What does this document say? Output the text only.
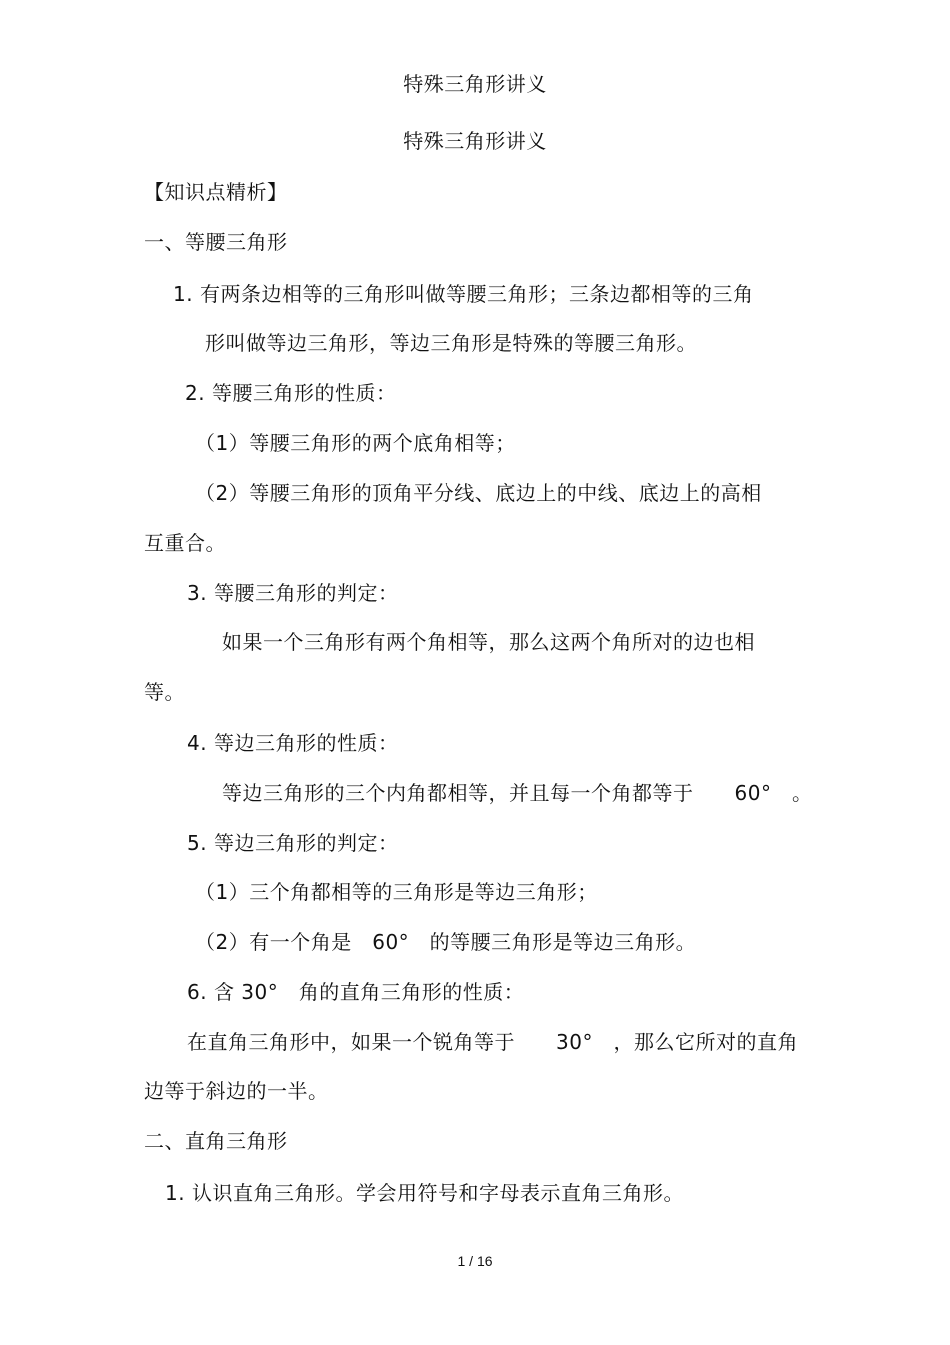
特殊三角形讲义
特殊三角形讲义
【知识点精析】
一、等腰三角形
1. 有两条边相等的三角形叫做等腰三角形；三条边都相等的三角
形叫做等边三角形，等边三角形是特殊的等腰三角形。
2. 等腰三角形的性质：
（1）等腰三角形的两个底角相等；
（2）等腰三角形的顶角平分线、底边上的中线、底边上的高相
互重合。
3. 等腰三角形的判定：
如果一个三角形有两个角相等，那么这两个角所对的边也相
等。
4. 等边三角形的性质：
等边三角形的三个内角都相等，并且每一个角都等于　　60°　。
5. 等边三角形的判定：
（1）三个角都相等的三角形是等边三角形；
（2）有一个角是　60°　的等腰三角形是等边三角形。
6. 含 30°　角的直角三角形的性质：
在直角三角形中，如果一个锐角等于　　30°　，那么它所对的直角
边等于斜边的一半。
二、直角三角形
1. 认识直角三角形。学会用符号和字母表示直角三角形。
1 / 16
